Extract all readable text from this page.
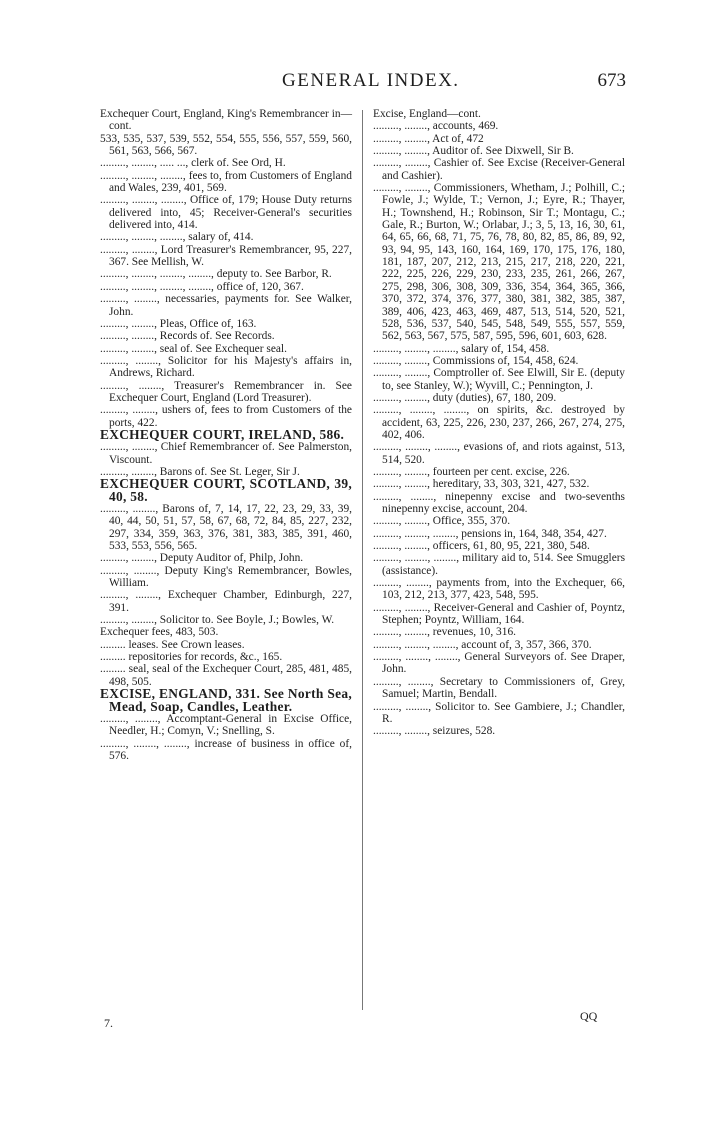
GENERAL INDEX.	673

Exchequer Court, England, King's Remembrancer in—cont.

533, 535, 537, 539, 552, 554, 555, 556, 557, 559, 560, 561, 563, 566, 567.

........., ........, ..... ..., clerk of. See Ord, H.

........., ........, ........, fees to, from Customers of England and Wales, 239, 401, 569.

........., ........, ........, Office of, 179; House Duty returns delivered into, 45; Receiver-General's securities delivered into, 414.

........., ........, ........, salary of, 414.

........., ........, Lord Treasurer's Remembrancer, 95, 227, 367. See Mellish, W.

........., ........, ........, ........, deputy to. See Barbor, R.

........., ........, ........, ........, office of, 120, 367.

........., ........, necessaries, payments for. See Walker, John.

........., ........, Pleas, Office of, 163.

........., ........, Records of. See Records.

........., ........, seal of. See Exchequer seal.

........., ........, Solicitor for his Majesty's affairs in, Andrews, Richard.

........., ........, Treasurer's Remembrancer in. See Exchequer Court, England (Lord Treasurer).

........., ........, ushers of, fees to from Customers of the ports, 422.

EXCHEQUER COURT, IRELAND, 586.

........., ........, Chief Remembrancer of. See Palmerston, Viscount.

........., ........, Barons of. See St. Leger, Sir J.

EXCHEQUER COURT, SCOTLAND, 39, 40, 58.

........., ........, Barons of, 7, 14, 17, 22, 23, 29, 33, 39, 40, 44, 50, 51, 57, 58, 67, 68, 72, 84, 85, 227, 232, 297, 334, 359, 363, 376, 381, 383, 385, 391, 460, 533, 553, 556, 565.

........., ........, Deputy Auditor of, Philp, John.

........., ........, Deputy King's Remembrancer, Bowles, William.

........., ........, Exchequer Chamber, Edinburgh, 227, 391.

........., ........, Solicitor to. See Boyle, J.; Bowles, W.

Exchequer fees, 483, 503.

......... leases. See Crown leases.

......... repositories for records, &c., 165.

......... seal, seal of the Exchequer Court, 285, 481, 485, 498, 505.

EXCISE, ENGLAND, 331. See North Sea, Mead, Soap, Candles, Leather.

........., ........, Accomptant-General in Excise Office, Needler, H.; Comyn, V.; Snelling, S.

........., ........, ........, increase of business in office of, 576.

Excise, England—cont.

........., ........, accounts, 469.

........., ........, Act of, 472

........., ........, Auditor of. See Dixwell, Sir B.

........., ........, Cashier of. See Excise (Receiver-General and Cashier).

........., ........, Commissioners, Whetham, J.; Polhill, C.; Fowle, J.; Wylde, T.; Vernon, J.; Eyre, R.; Thayer, H.; Townshend, H.; Robinson, Sir T.; Montagu, C.; Gale, R.; Burton, W.; Orlabar, J.; 3, 5, 13, 16, 30, 61, 64, 65, 66, 68, 71, 75, 76, 78, 80, 82, 85, 86, 89, 92, 93, 94, 95, 143, 160, 164, 169, 170, 175, 176, 180, 181, 187, 207, 212, 213, 215, 217, 218, 220, 221, 222, 225, 226, 229, 230, 233, 235, 261, 266, 267, 275, 298, 306, 308, 309, 336, 354, 364, 365, 366, 370, 372, 374, 376, 377, 380, 381, 382, 385, 387, 389, 406, 423, 463, 469, 487, 513, 514, 520, 521, 528, 536, 537, 540, 545, 548, 549, 555, 557, 559, 562, 563, 567, 575, 587, 595, 596, 601, 603, 628.

........., ........, ........, salary of, 154, 458.

........., ........, Commissions of, 154, 458, 624.

........., ........, Comptroller of. See Elwill, Sir E. (deputy to, see Stanley, W.); Wyvill, C.; Pennington, J.

........., ........, duty (duties), 67, 180, 209.

........., ........, ........, on spirits, &c. destroyed by accident, 63, 225, 226, 230, 237, 266, 267, 274, 275, 402, 406.

........., ........, ........, evasions of, and riots against, 513, 514, 520.

........., ........, fourteen per cent. excise, 226.

........., ........, hereditary, 33, 303, 321, 427, 532.

........., ........, ninepenny excise and two-sevenths ninepenny excise, account, 204.

........., ........, Office, 355, 370.

........., ........, ........, pensions in, 164, 348, 354, 427.

........., ........, officers, 61, 80, 95, 221, 380, 548.

........., ........, ........, military aid to, 514. See Smugglers (assistance).

........., ........, payments from, into the Exchequer, 66, 103, 212, 213, 377, 423, 548, 595.

........., ........, Receiver-General and Cashier of, Poyntz, Stephen; Poyntz, William, 164.

........., ........, revenues, 10, 316.

........., ........, ........, account of, 3, 357, 366, 370.

........., ........, ........, General Surveyors of. See Draper, John.

........., ........, Secretary to Commissioners of, Grey, Samuel; Martin, Bendall.

........., ........, Solicitor to. See Gambiere, J.; Chandler, R.

........., ........, seizures, 528.

7.	QQ
